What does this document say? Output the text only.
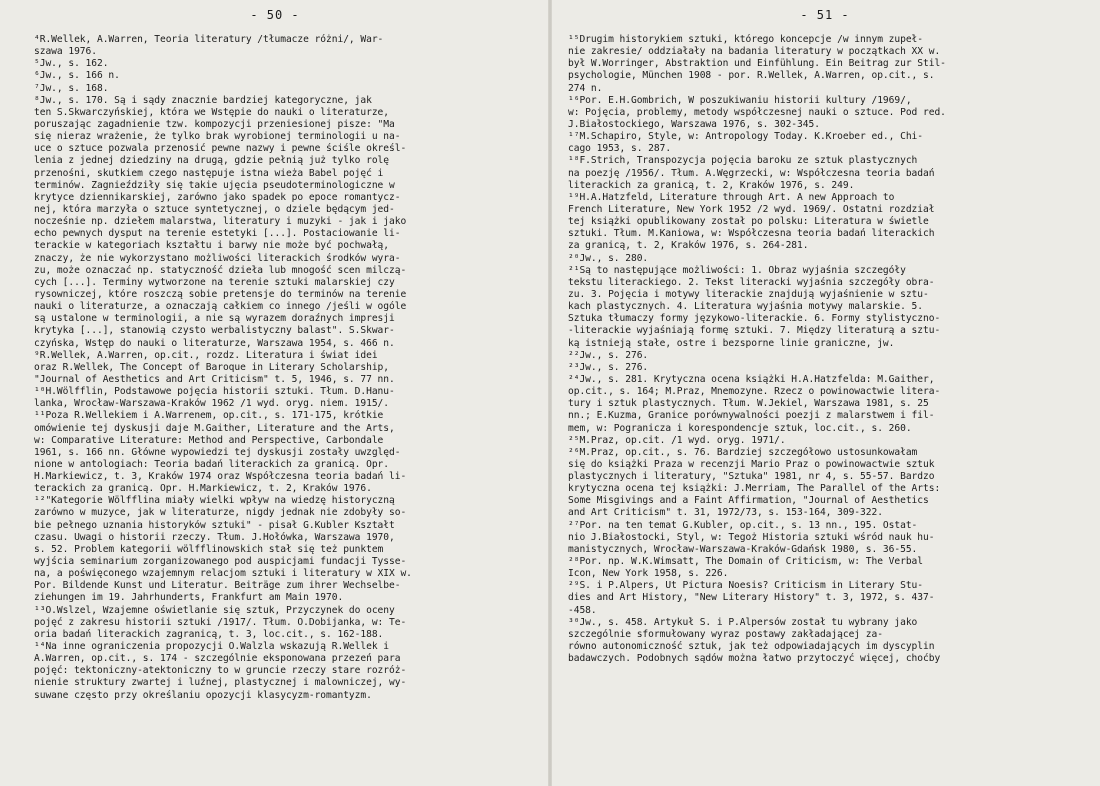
- 50 -
⁴R.Wellek, A.Warren, Teoria literatury /tłumacze różni/, War-
szawa 1976.
⁵Jw., s. 162.
⁶Jw., s. 166 n.
⁷Jw., s. 168.
⁸Jw., s. 170. Są i sądy znacznie bardziej kategoryczne, jak
ten S.Skwarczyńskiej, która we Wstępie do nauki o literaturze,
poruszając zagadnienie tzw. kompozycji przeniesionej pisze: "Ma
się nieraz wrażenie, że tylko brak wyrobionej terminologii u na-
uce o sztuce pozwala przenosić pewne nazwy i pewne ściśle określ-
lenia z jednej dziedziny na drugą, gdzie pełnią już tylko rolę
przenośni, skutkiem czego następuje istna wieża Babel pojęć i
terminów. Zagnieździły się takie ujęcia pseudoterminologiczne w
krytyce dziennikarskiej, zarówno jako spadek po epoce romantycz-
nej, która marzyła o sztuce syntetycznej, o dziele będącym jed-
nocześnie np. dziełem malarstwa, literatury i muzyki - jak i jako
echo pewnych dysput na terenie estetyki [...]. Postaciowanie li-
terackie w kategoriach kształtu i barwy nie może być pochwałą,
znaczy, że nie wykorzystano możliwości literackich środków wyra-
zu, może oznaczać np. statyczność dzieła lub mnogość scen milczą-
cych [...]. Terminy wytworzone na terenie sztuki malarskiej czy
rysowniczej, które roszczą sobie pretensje do terminów na terenie
nauki o literaturze, a oznaczają całkiem co innego /jeśli w ogóle
są ustalone w terminologii, a nie są wyrazem doraźnych impresji
krytyka [...], stanowią czysto werbalistyczny balast". S.Skwar-
czyńska, Wstęp do nauki o literaturze, Warszawa 1954, s. 466 n.
⁹R.Wellek, A.Warren, op.cit., rozdz. Literatura i świat idei
oraz R.Wellek, The Concept of Baroque in Literary Scholarship,
"Journal of Aesthetics and Art Criticism" t. 5, 1946, s. 77 nn.
¹⁰H.Wölfflin, Podstawowe pojęcia historii sztuki. Tłum. D.Hanu-
lanka, Wrocław-Warszawa-Kraków 1962 /1 wyd. oryg. niem. 1915/.
¹¹Poza R.Wellekiem i A.Warrenem, op.cit., s. 171-175, krótkie
omówienie tej dyskusji daje M.Gaither, Literature and the Arts,
w: Comparative Literature: Method and Perspective, Carbondale
1961, s. 166 nn. Główne wypowiedzi tej dyskusji zostały uwzględ-
nione w antologiach: Teoria badań literackich za granicą. Opr.
H.Markiewicz, t. 3, Kraków 1974 oraz Współczesna teoria badań li-
terackich za granicą. Opr. H.Markiewicz, t. 2, Kraków 1976.
¹²"Kategorie Wölfflina miały wielki wpływ na wiedzę historyczną
zarówno w muzyce, jak w literaturze, nigdy jednak nie zdobyły so-
bie pełnego uznania historyków sztuki" - pisał G.Kubler Kształt
czasu. Uwagi o historii rzeczy. Tłum. J.Hołówka, Warszawa 1970,
s. 52. Problem kategorii wölfflinowskich stał się też punktem
wyjścia seminarium zorganizowanego pod auspicjami fundacji Tysse-
na, a poświęconego wzajemnym relacjom sztuki i literatury w XIX w.
Por. Bildende Kunst und Literatur. Beiträge zum ihrer Wechselbe-
ziehungen im 19. Jahrhunderts, Frankfurt am Main 1970.
¹³O.Wslzel, Wzajemne oświetlanie się sztuk, Przyczynek do oceny
pojęć z zakresu historii sztuki /1917/. Tłum. O.Dobijanka, w: Te-
oria badań literackich zagranicą, t. 3, loc.cit., s. 162-188.
¹⁴Na inne ograniczenia propozycji O.Walzla wskazują R.Wellek i
A.Warren, op.cit., s. 174 - szczególnie eksponowana przezeń para
pojęć: tektoniczny-atektoniczny to w gruncie rzeczy stare rozróż-
nienie struktury zwartej i luźnej, plastycznej i malowniczej, wy-
suwane często przy określaniu opozycji klasycyzm-romantyzm.
- 51 -
¹⁵Drugim historykiem sztuki, którego koncepcje /w innym zupeł-
nie zakresie/ oddziałały na badania literatury w początkach XX w.
był W.Worringer, Abstraktion und Einfühlung. Ein Beitrag zur Stil-
psychologie, München 1908 - por. R.Wellek, A.Warren, op.cit., s.
274 n.
¹⁶Por. E.H.Gombrich, W poszukiwaniu historii kultury /1969/,
w: Pojęcia, problemy, metody współczesnej nauki o sztuce. Pod red.
J.Białostockiego, Warszawa 1976, s. 302-345.
¹⁷M.Schapiro, Style, w: Antropology Today. K.Kroeber ed., Chi-
cago 1953, s. 287.
¹⁸F.Strich, Transpozycja pojęcia baroku ze sztuk plastycznych
na poezję /1956/. Tłum. A.Węgrzecki, w: Współczesna teoria badań
literackich za granicą, t. 2, Kraków 1976, s. 249.
¹⁹H.A.Hatzfeld, Literature through Art. A new Approach to
French Literature, New York 1952 /2 wyd. 1969/. Ostatni rozdział
tej książki opublikowany został po polsku: Literatura w świetle
sztuki. Tłum. M.Kaniowa, w: Współczesna teoria badań literackich
za granicą, t. 2, Kraków 1976, s. 264-281.
²⁰Jw., s. 280.
²¹Są to następujące możliwości: 1. Obraz wyjaśnia szczegóły
tekstu literackiego. 2. Tekst literacki wyjaśnia szczegóły obra-
zu. 3. Pojęcia i motywy literackie znajdują wyjaśnienie w sztu-
kach plastycznych. 4. Literatura wyjaśnia motywy malarskie. 5.
Sztuka tłumaczy formy językowo-literackie. 6. Formy stylistyczno-
-literackie wyjaśniają formę sztuki. 7. Między literaturą a sztu-
ką istnieją stałe, ostre i bezsporne linie graniczne, jw.
²²Jw., s. 276.
²³Jw., s. 276.
²⁴Jw., s. 281. Krytyczna ocena książki H.A.Hatzfelda: M.Gaither,
op.cit., s. 164; M.Praz, Mnemozyne. Rzecz o powinowactwie litera-
tury i sztuk plastycznych. Tłum. W.Jekiel, Warszawa 1981, s. 25
nn.; E.Kuzma, Granice porównywalności poezji z malarstwem i fil-
mem, w: Pogranicza i korespondencje sztuk, loc.cit., s. 260.
²⁵M.Praz, op.cit. /1 wyd. oryg. 1971/.
²⁶M.Praz, op.cit., s. 76. Bardziej szczegółowo ustosunkowałam
się do książki Praza w recenzji Mario Praz o powinowactwie sztuk
plastycznych i literatury, "Sztuka" 1981, nr 4, s. 55-57. Bardzo
krytyczna ocena tej książki: J.Merriam, The Parallel of the Arts:
Some Misgivings and a Faint Affirmation, "Journal of Aesthetics
and Art Criticism" t. 31, 1972/73, s. 153-164, 309-322.
²⁷Por. na ten temat G.Kubler, op.cit., s. 13 nn., 195. Ostat-
nio J.Białostocki, Styl, w: Tegoż Historia sztuki wśród nauk hu-
manistycznych, Wrocław-Warszawa-Kraków-Gdańsk 1980, s. 36-55.
²⁸Por. np. W.K.Wimsatt, The Domain of Criticism, w: The Verbal
Icon, New York 1958, s. 226.
²⁹S. i P.Alpers, Ut Pictura Noesis? Criticism in Literary Stu-
dies and Art History, "New Literary History" t. 3, 1972, s. 437-
-458.
³⁰Jw., s. 458. Artykuł S. i P.Alpersów został tu wybrany jako
szczególnie sformułowany wyraz postawy zakładającej za-
równo autonomiczność sztuk, jak też odpowiadających im dyscyplin
badawczych. Podobnych sądów można łatwo przytoczyć więcej, choćby
